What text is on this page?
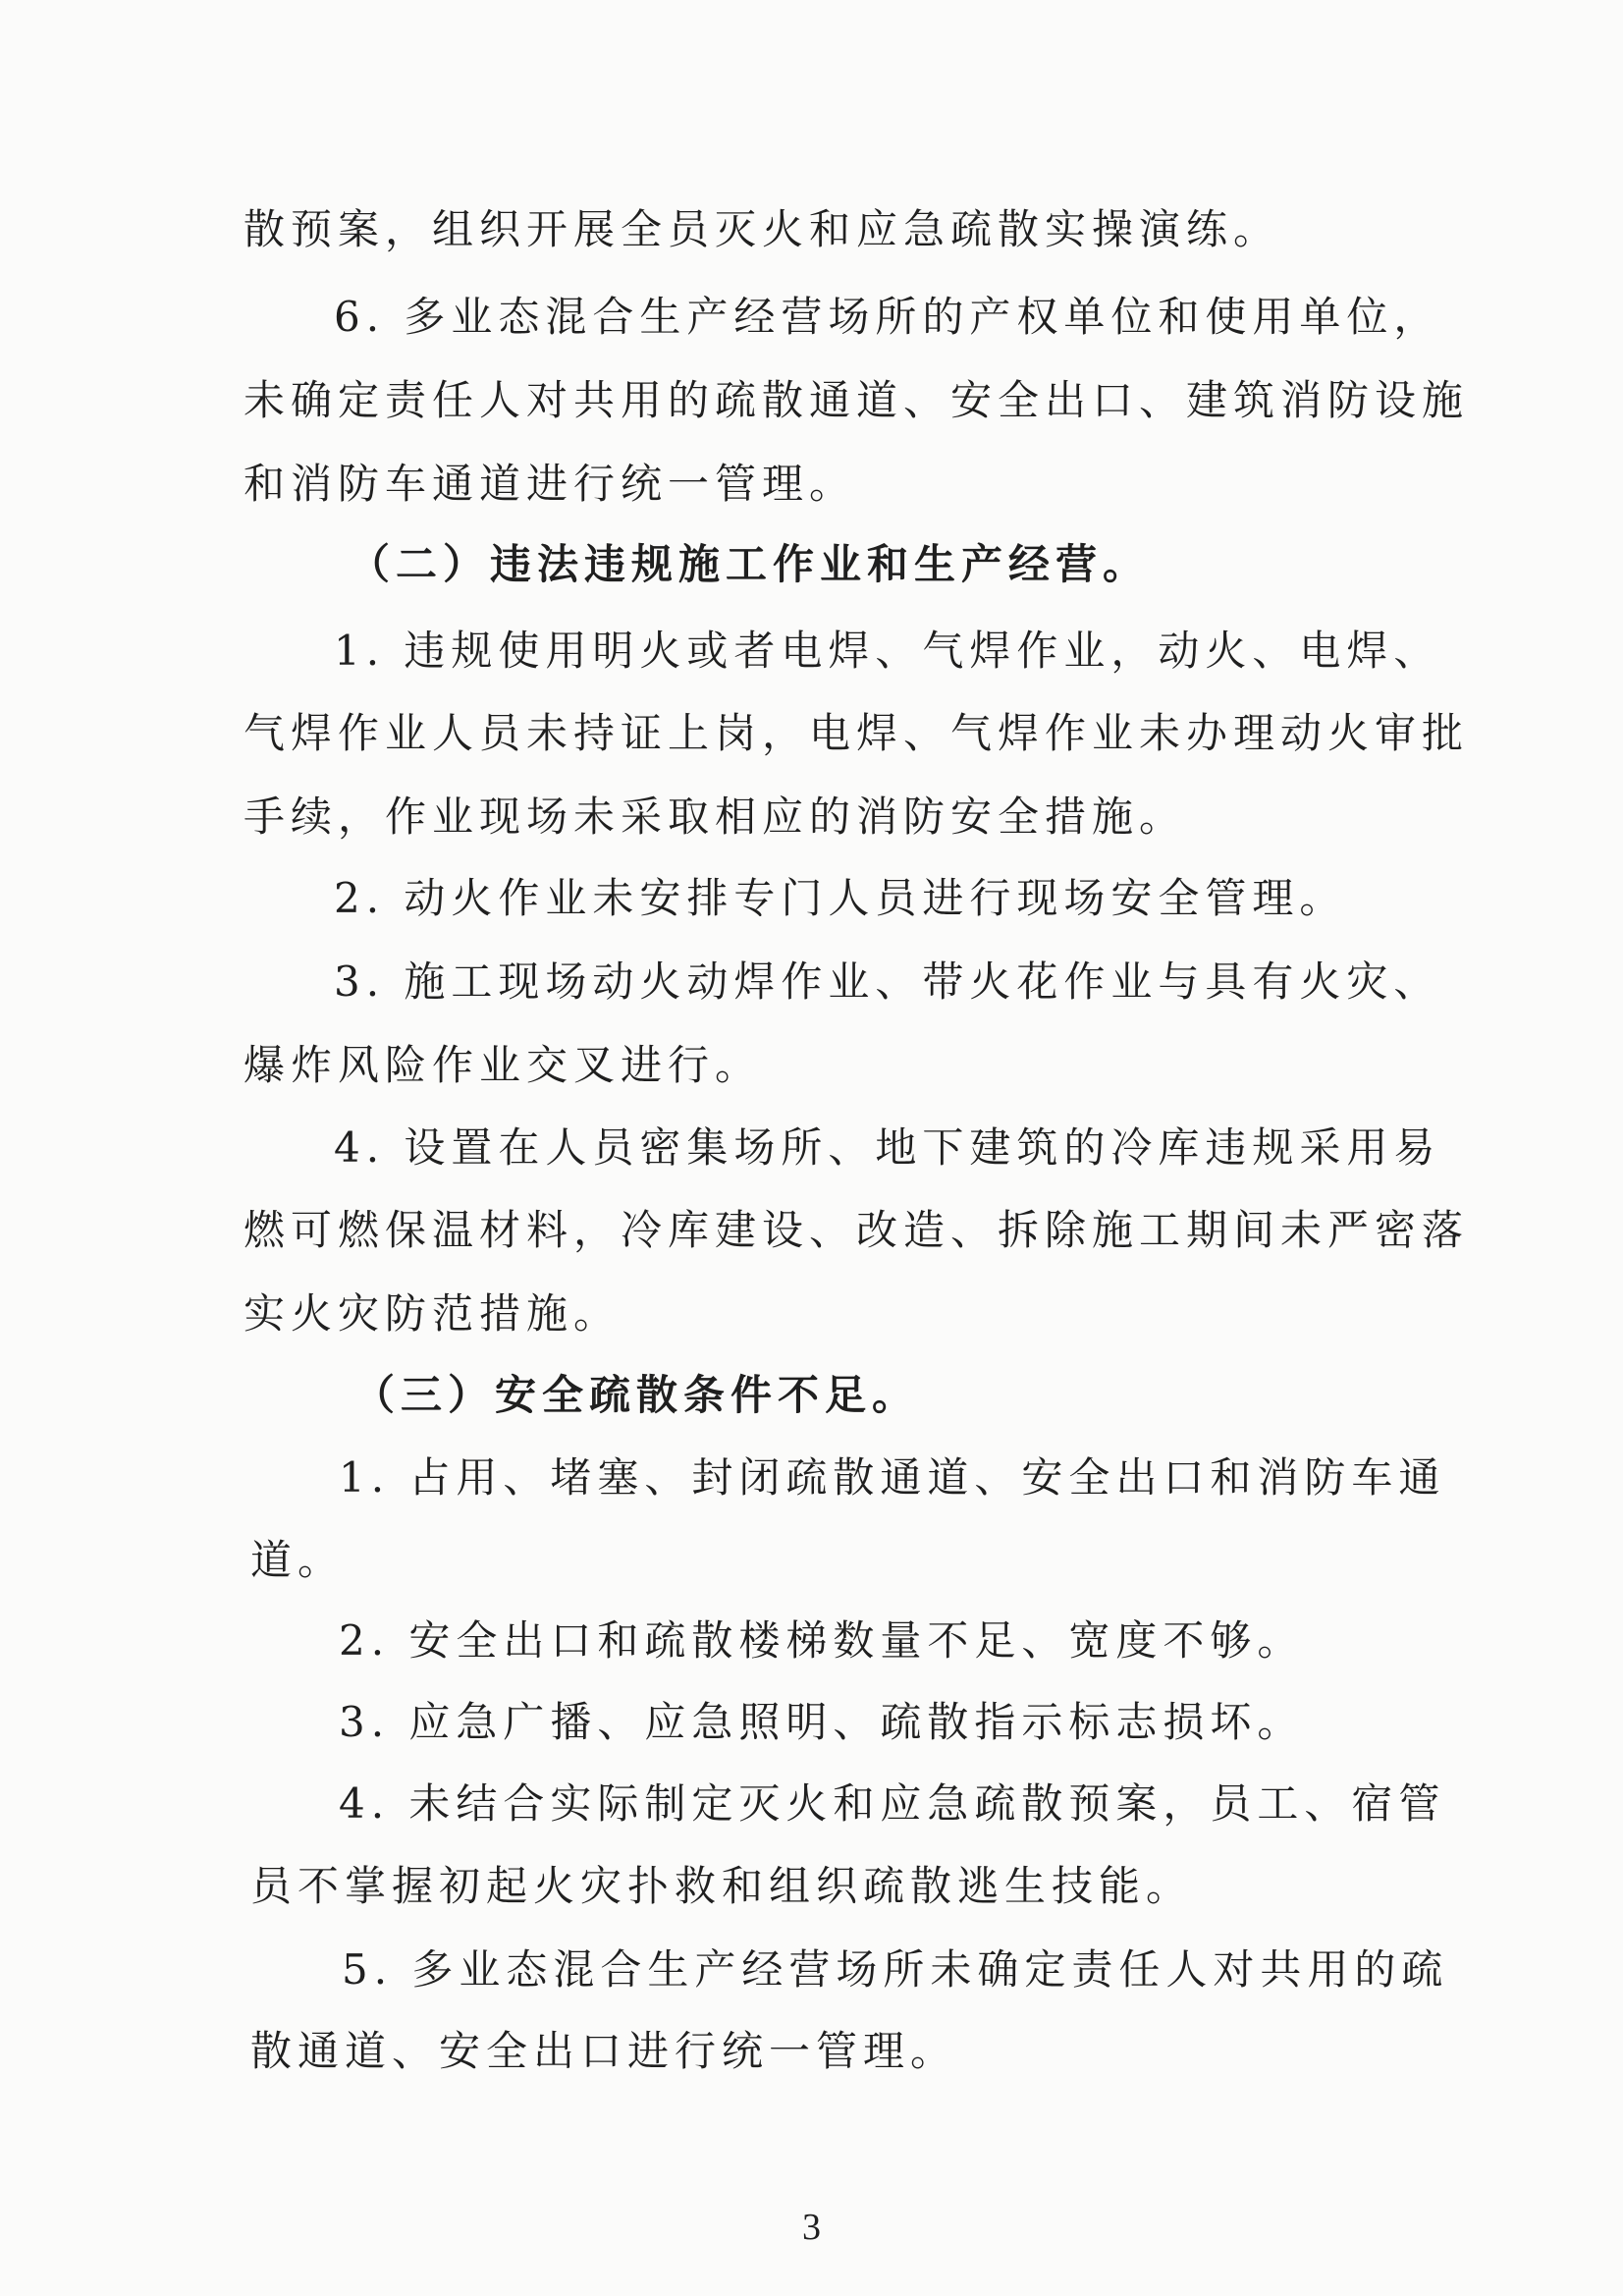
散预案，组织开展全员灭火和应急疏散实操演练。
6. 多业态混合生产经营场所的产权单位和使用单位，
未确定责任人对共用的疏散通道、安全出口、建筑消防设施
和消防车通道进行统一管理。
（二）违法违规施工作业和生产经营。
1. 违规使用明火或者电焊、气焊作业，动火、电焊、
气焊作业人员未持证上岗，电焊、气焊作业未办理动火审批
手续，作业现场未采取相应的消防安全措施。
2. 动火作业未安排专门人员进行现场安全管理。
3. 施工现场动火动焊作业、带火花作业与具有火灾、
爆炸风险作业交叉进行。
4. 设置在人员密集场所、地下建筑的冷库违规采用易
燃可燃保温材料，冷库建设、改造、拆除施工期间未严密落
实火灾防范措施。
（三）安全疏散条件不足。
1. 占用、堵塞、封闭疏散通道、安全出口和消防车通
道。
2. 安全出口和疏散楼梯数量不足、宽度不够。
3. 应急广播、应急照明、疏散指示标志损坏。
4. 未结合实际制定灭火和应急疏散预案，员工、宿管
员不掌握初起火灾扑救和组织疏散逃生技能。
5. 多业态混合生产经营场所未确定责任人对共用的疏
散通道、安全出口进行统一管理。
3
